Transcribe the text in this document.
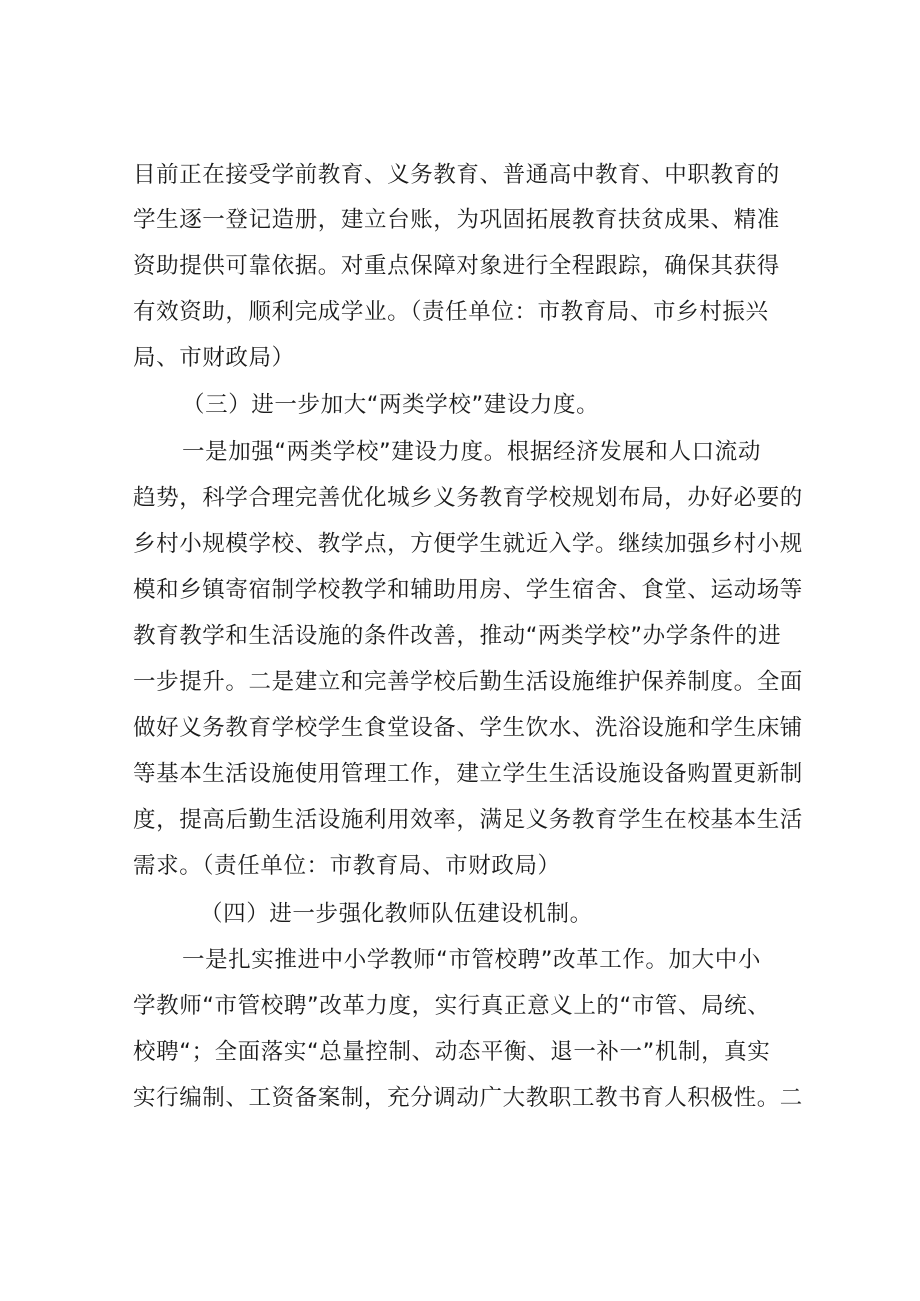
目前正在接受学前教育、义务教育、普通高中教育、中职教育的
学生逐一登记造册，建立台账，为巩固拓展教育扶贫成果、精准
资助提供可靠依据。对重点保障对象进行全程跟踪，确保其获得
有效资助，顺利完成学业。（责任单位：市教育局、市乡村振兴
局、市财政局）
（三）进一步加大“两类学校”建设力度。
一是加强“两类学校”建设力度。根据经济发展和人口流动
趋势，科学合理完善优化城乡义务教育学校规划布局，办好必要的
乡村小规模学校、教学点，方便学生就近入学。继续加强乡村小规
模和乡镇寄宿制学校教学和辅助用房、学生宿舍、食堂、运动场等
教育教学和生活设施的条件改善，推动“两类学校”办学条件的进
一步提升。二是建立和完善学校后勤生活设施维护保养制度。全面
做好义务教育学校学生食堂设备、学生饮水、洗浴设施和学生床铺
等基本生活设施使用管理工作，建立学生生活设施设备购置更新制
度，提高后勤生活设施利用效率，满足义务教育学生在校基本生活
需求。（责任单位：市教育局、市财政局）
（四）进一步强化教师队伍建设机制。
一是扎实推进中小学教师“市管校聘”改革工作。加大中小
学教师“市管校聘”改革力度，实行真正意义上的“市管、局统、
校聘“；全面落实“总量控制、动态平衡、退一补一”机制，真实
实行编制、工资备案制，充分调动广大教职工教书育人积极性。二
